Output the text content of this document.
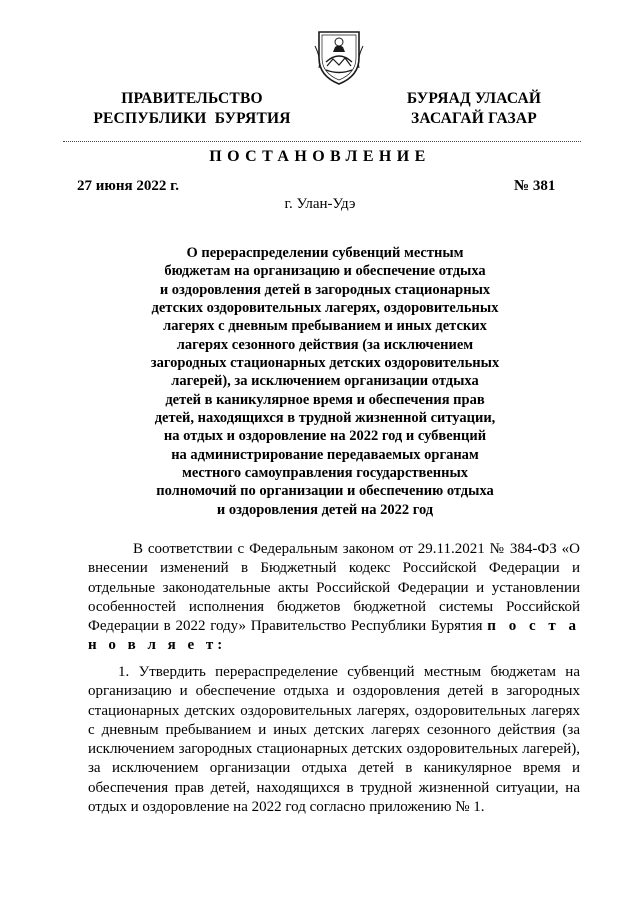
ПРАВИТЕЛЬСТВО
РЕСПУБЛИКИ  БУРЯТИЯ
БУРЯАД УЛАСАЙ
ЗАСАГАЙ ГАЗАР
ПОСТАНОВЛЕНИЕ
27 июня 2022 г.	№ 381
г. Улан-Удэ
О перераспределении субвенций местным
бюджетам на организацию и обеспечение отдыха
и оздоровления детей в загородных стационарных
детских оздоровительных лагерях, оздоровительных
лагерях с дневным пребыванием и иных детских
лагерях сезонного действия (за исключением
загородных стационарных детских оздоровительных
лагерей), за исключением организации отдыха
детей в каникулярное время и обеспечения прав
детей, находящихся в трудной жизненной ситуации,
на отдых и оздоровление на 2022 год и субвенций
на администрирование передаваемых органам
местного самоуправления государственных
полномочий по организации и обеспечению отдыха
и оздоровления детей на 2022 год
В соответствии с Федеральным законом от 29.11.2021 № 384-ФЗ «О внесении изменений в Бюджетный кодекс Российской Федерации и отдельные законодательные акты Российской Федерации и установлении особенностей исполнения бюджетов бюджетной системы Российской Федерации в 2022 году» Правительство Республики Бурятия п о с т а н о в л я е т:
1. Утвердить перераспределение субвенций местным бюджетам на организацию и обеспечение отдыха и оздоровления детей в загородных стационарных детских оздоровительных лагерях, оздоровительных лагерях с дневным пребыванием и иных детских лагерях сезонного действия (за исключением загородных стационарных детских оздоровительных лагерей), за исключением организации отдыха детей в каникулярное время и обеспечения прав детей, находящихся в трудной жизненной ситуации, на отдых и оздоровление на 2022 год согласно приложению № 1.
